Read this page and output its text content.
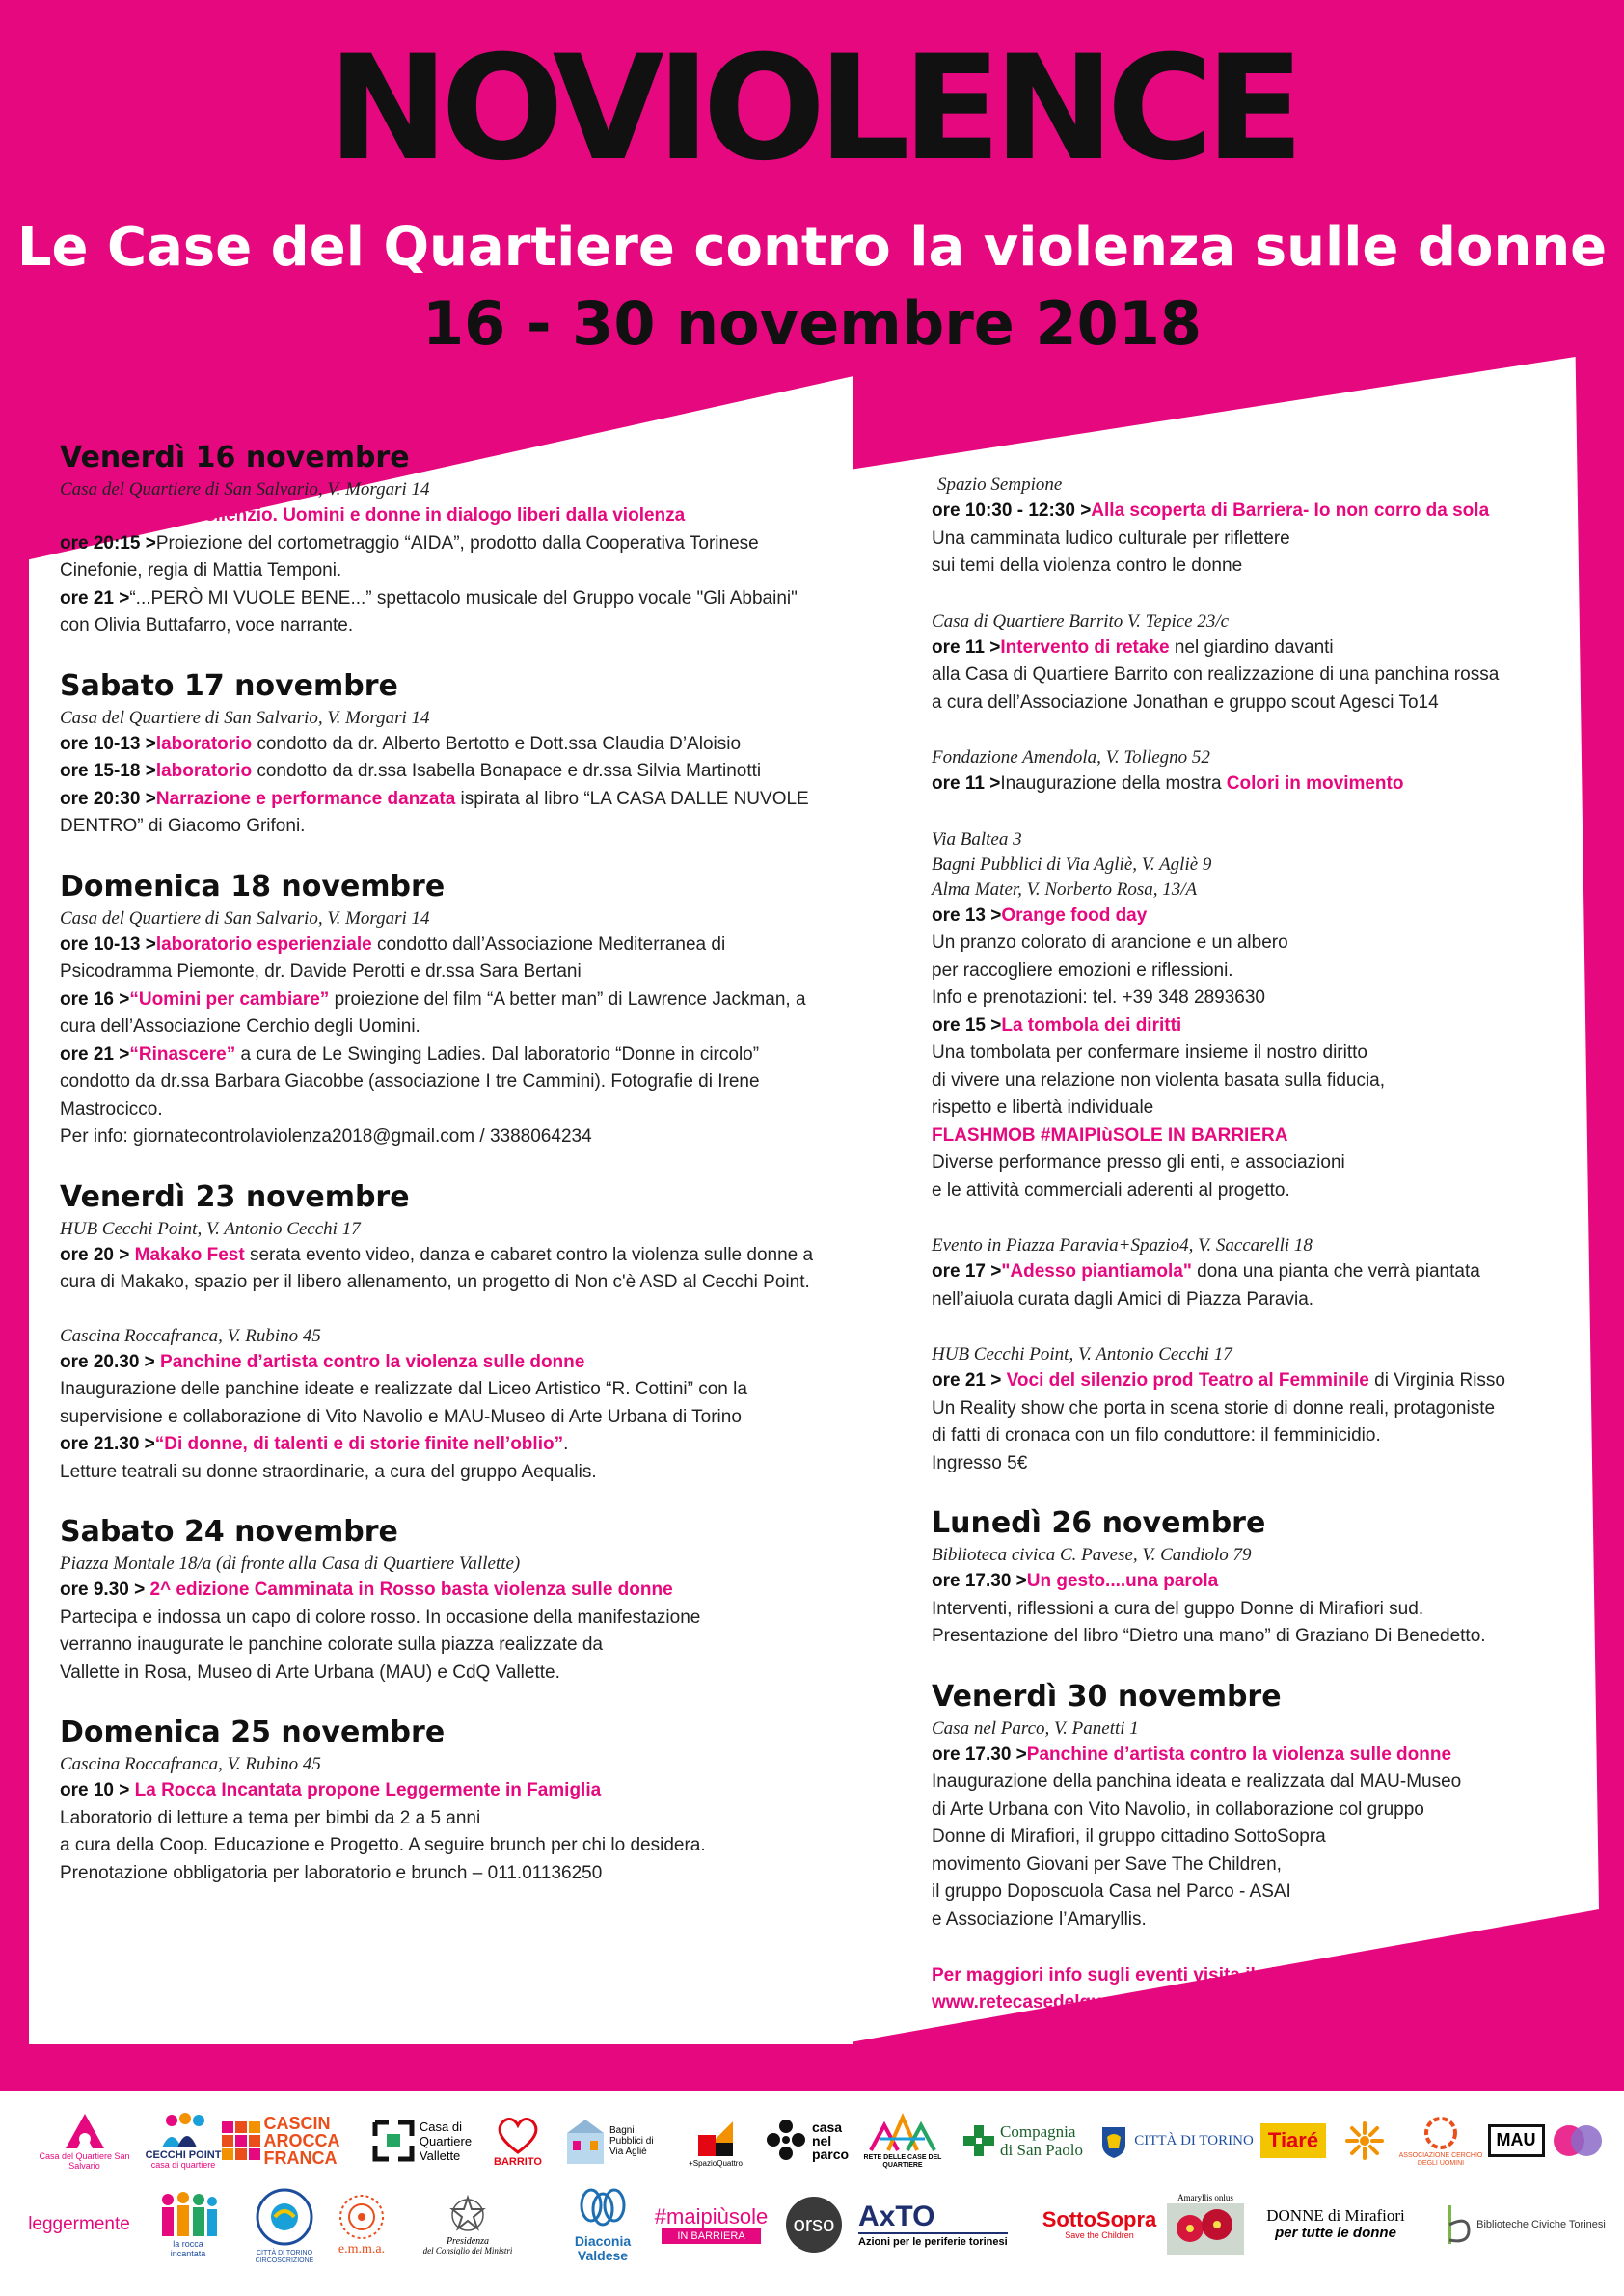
NOVIOLENCE
Le Case del Quartiere contro la violenza sulle donne
16 - 30 novembre 2018

Venerdì 16 novembre

Casa del Quartiere di San Salvario, V. Morgari 14

Oltre il muro del silenzio. Uomini e donne in dialogo liberi dalla violenza

ore 20:15 >Proiezione del cortometraggio “AIDA”, prodotto dalla Cooperativa Torinese Cinefonie, regia di Mattia Temponi.

ore 21 >“...PERÒ MI VUOLE BENE...” spettacolo musicale del Gruppo vocale "Gli Abbaini" con Olivia Buttafarro, voce narrante.

Sabato 17 novembre

Casa del Quartiere di San Salvario, V. Morgari 14

ore 10-13 >laboratorio condotto da dr. Alberto Bertotto e Dott.ssa Claudia D’Aloisio

ore 15-18 >laboratorio condotto da dr.ssa Isabella Bonapace e dr.ssa Silvia Martinotti

ore 20:30 >Narrazione e performance danzata ispirata al libro “LA CASA DALLE NUVOLE DENTRO” di Giacomo Grifoni.

Domenica 18 novembre

Casa del Quartiere di San Salvario, V. Morgari 14

ore 10-13 >laboratorio esperienziale condotto dall’Associazione Mediterranea di Psicodramma Piemonte, dr. Davide Perotti e dr.ssa Sara Bertani

ore 16 >“Uomini per cambiare” proiezione del film “A better man” di Lawrence Jackman, a cura dell’Associazione Cerchio degli Uomini.

ore 21 >“Rinascere” a cura de Le Swinging Ladies. Dal laboratorio “Donne in circolo” condotto da dr.ssa Barbara Giacobbe (associazione I tre Cammini). Fotografie di Irene Mastrocicco.

Per info: giornatecontrolaviolenza2018@gmail.com / 3388064234

Venerdì 23 novembre

HUB Cecchi Point, V. Antonio Cecchi 17

ore 20 > Makako Fest serata evento video, danza e cabaret contro la violenza sulle donne a cura di Makako, spazio per il libero allenamento, un progetto di Non c'è ASD al Cecchi Point.

Cascina Roccafranca, V. Rubino 45

ore 20.30 > Panchine d’artista contro la violenza sulle donne

Inaugurazione delle panchine ideate e realizzate dal Liceo Artistico “R. Cottini” con la supervisione e collaborazione di Vito Navolio e MAU-Museo di Arte Urbana di Torino

ore 21.30 >“Di donne, di talenti e di storie finite nell’oblio”.

Letture teatrali su donne straordinarie, a cura del gruppo Aequalis.

Sabato 24 novembre

Piazza Montale 18/a (di fronte alla Casa di Quartiere Vallette)

ore 9.30 > 2^ edizione Camminata in Rosso basta violenza sulle donne

Partecipa e indossa un capo di colore rosso. In occasione della manifestazione

verranno inaugurate le panchine colorate sulla piazza realizzate da

Vallette in Rosa, Museo di Arte Urbana (MAU) e CdQ Vallette.

Domenica 25 novembre

Cascina Roccafranca, V. Rubino 45

ore 10 > La Rocca Incantata propone Leggermente in Famiglia

Laboratorio di letture a tema per bimbi da 2 a 5 anni

a cura della Coop. Educazione e Progetto. A seguire brunch per chi lo desidera.

Prenotazione obbligatoria per laboratorio e brunch – 011.01136250

Spazio Sempione

ore 10:30 - 12:30 >Alla scoperta di Barriera- Io non corro da sola

Una camminata ludico culturale per riflettere

sui temi della violenza contro le donne

Casa di Quartiere Barrito V. Tepice 23/c

ore 11 >Intervento di retake nel giardino davanti

alla Casa di Quartiere Barrito con realizzazione di una panchina rossa

a cura dell’Associazione Jonathan e gruppo scout Agesci To14

Fondazione Amendola, V. Tollegno 52

ore 11 >Inaugurazione della mostra Colori in movimento

Via Baltea 3

Bagni Pubblici di Via Agliè, V. Agliè 9

Alma Mater, V. Norberto Rosa, 13/A

ore 13 >Orange food day

Un pranzo colorato di arancione e un albero

per raccogliere emozioni e riflessioni.

Info e prenotazioni: tel. +39 348 2893630

ore 15 >La tombola dei diritti

Una tombolata per confermare insieme il nostro diritto

di vivere una relazione non violenta basata sulla fiducia,

rispetto e libertà individuale

FLASHMOB #MAIPIùSOLE IN BARRIERA

Diverse performance presso gli enti, e associazioni

e le attività commerciali aderenti al progetto.

Evento in Piazza Paravia+Spazio4, V. Saccarelli 18

ore 17 >"Adesso piantiamola" dona una pianta che verrà piantata

nell’aiuola curata dagli Amici di Piazza Paravia.

HUB Cecchi Point, V. Antonio Cecchi 17

ore 21 > Voci del silenzio prod Teatro al Femminile di Virginia Risso

Un Reality show che porta in scena storie di donne reali, protagoniste

di fatti di cronaca con un filo conduttore: il femminicidio.

Ingresso 5€

Lunedì 26 novembre

Biblioteca civica C. Pavese, V. Candiolo 79

ore 17.30 >Un gesto....una parola

Interventi, riflessioni a cura del guppo Donne di Mirafiori sud.

Presentazione del libro “Dietro una mano” di Graziano Di Benedetto.

Venerdì 30 novembre

Casa nel Parco, V. Panetti 1

ore 17.30 >Panchine d’artista contro la violenza sulle donne

Inaugurazione della panchina ideata e realizzata dal MAU-Museo

di Arte Urbana con Vito Navolio, in collaborazione col gruppo

Donne di Mirafiori, il gruppo cittadino SottoSopra

movimento Giovani per Save The Children,

il gruppo Doposcuola Casa nel Parco - ASAI

e Associazione l’Amaryllis.

Per maggiori info sugli eventi visita il sito

www.retecasedelquartiere.org

Casa del Quartiere San Salvario
CECCHI POINT
casa di quartiere
CASCIN
AROCCA
FRANCA
Casa di
Quartiere
Vallette	BARRITO
Bagni Pubblici di Via Agliè
+SpazioQuattro
casa
nel
parco RETE DELLE CASE DEL QUARTIERE
Compagnia
di San Paolo
CITTÀ DI TORINO Tiaré
ASSOCIAZIONE CERCHIO DEGLI UOMINI
MAU
leggermente
la rocca
incantata	CITTÀ DI TORINO CIRCOSCRIZIONE
e.m.m.a.
Presidenza
del Consiglio dei Ministri
Diaconia
Valdese
#maipiùsole
IN BARRIERA
orso AxTO
Azioni per le periferie torinesi
SottoSopra
Save the Children
Amaryllis onlus
DONNE di Mirafiori
per tutte le donne
Biblioteche Civiche Torinesi
